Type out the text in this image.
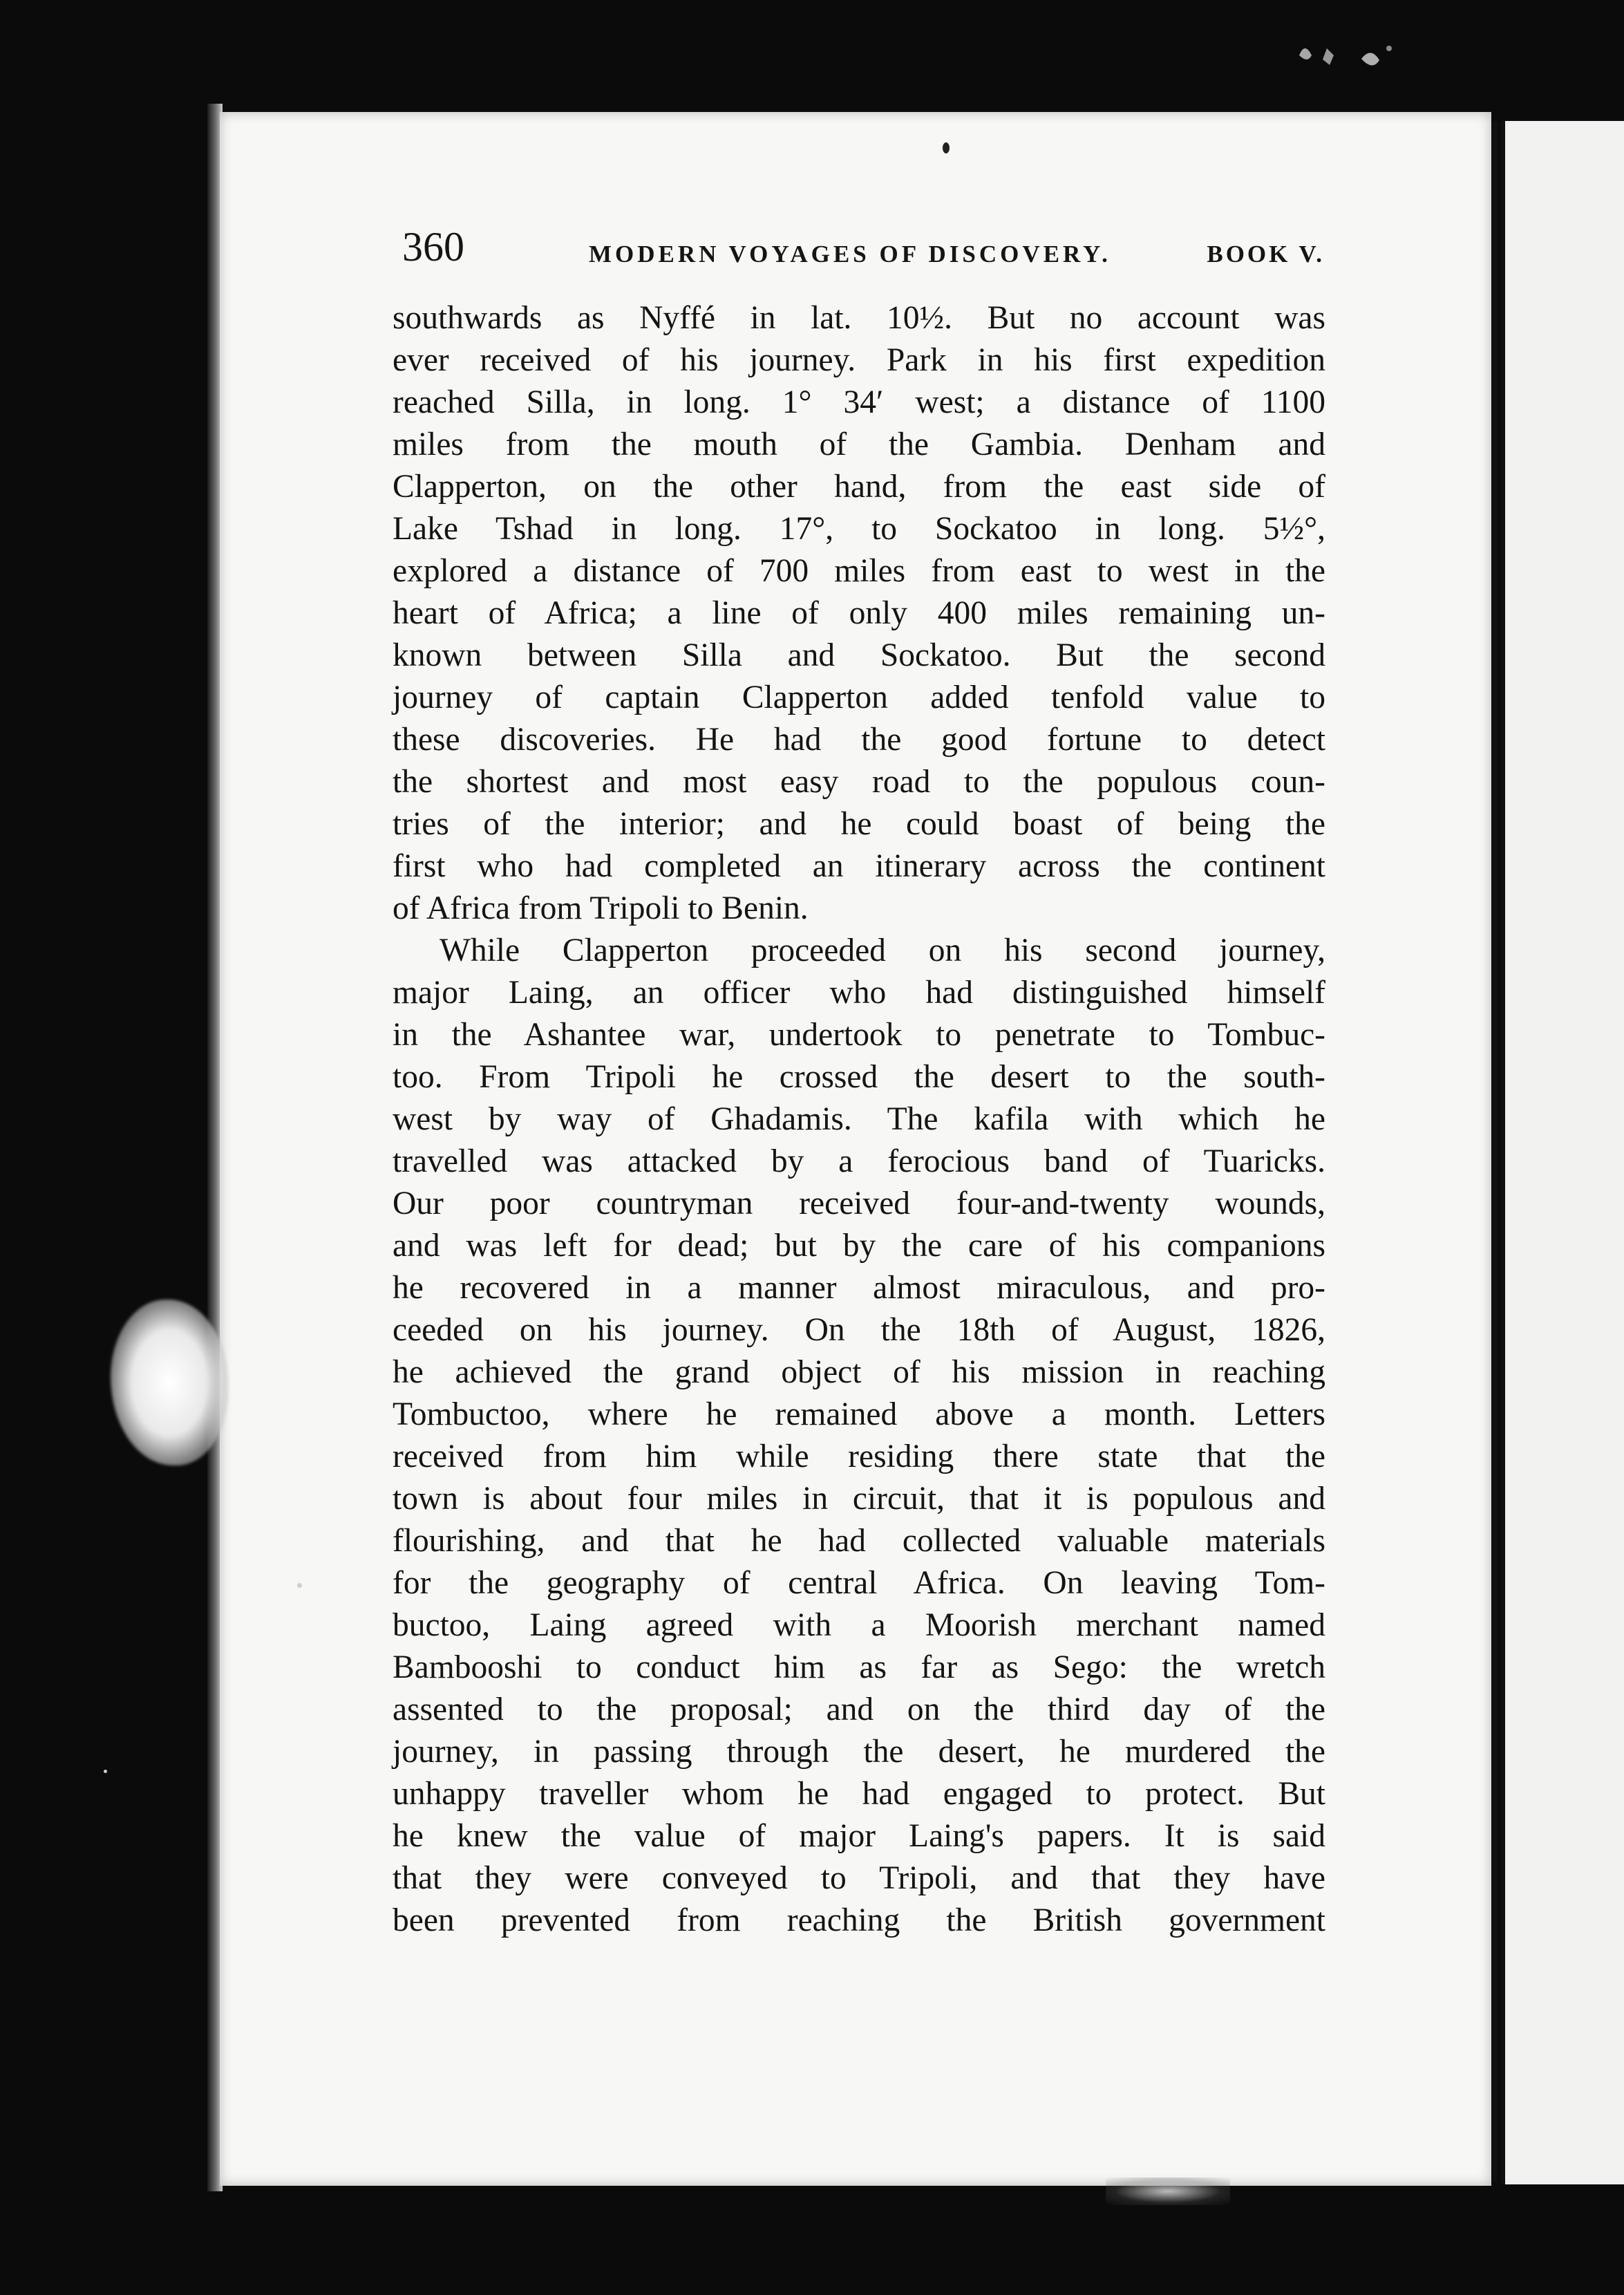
360	MODERN VOYAGES OF DISCOVERY.	BOOK V.
southwards as Nyffé in lat. 10½. But no account was
ever received of his journey. Park in his first expedition
reached Silla, in long. 1° 34′ west; a distance of 1100
miles from the mouth of the Gambia. Denham and
Clapperton, on the other hand, from the east side of
Lake Tshad in long. 17°, to Sockatoo in long. 5½°,
explored a distance of 700 miles from east to west in the
heart of Africa; a line of only 400 miles remaining un-
known between Silla and Sockatoo. But the second
journey of captain Clapperton added tenfold value to
these discoveries. He had the good fortune to detect
the shortest and most easy road to the populous coun-
tries of the interior; and he could boast of being the
first who had completed an itinerary across the continent
of Africa from Tripoli to Benin.
While Clapperton proceeded on his second journey,
major Laing, an officer who had distinguished himself
in the Ashantee war, undertook to penetrate to Tombuc-
too. From Tripoli he crossed the desert to the south-
west by way of Ghadamis. The kafila with which he
travelled was attacked by a ferocious band of Tuaricks.
Our poor countryman received four-and-twenty wounds,
and was left for dead; but by the care of his companions
he recovered in a manner almost miraculous, and pro-
ceeded on his journey. On the 18th of August, 1826,
he achieved the grand object of his mission in reaching
Tombuctoo, where he remained above a month. Letters
received from him while residing there state that the
town is about four miles in circuit, that it is populous and
flourishing, and that he had collected valuable materials
for the geography of central Africa. On leaving Tom-
buctoo, Laing agreed with a Moorish merchant named
Bambooshi to conduct him as far as Sego: the wretch
assented to the proposal; and on the third day of the
journey, in passing through the desert, he murdered the
unhappy traveller whom he had engaged to protect. But
he knew the value of major Laing's papers. It is said
that they were conveyed to Tripoli, and that they have
been prevented from reaching the British government
